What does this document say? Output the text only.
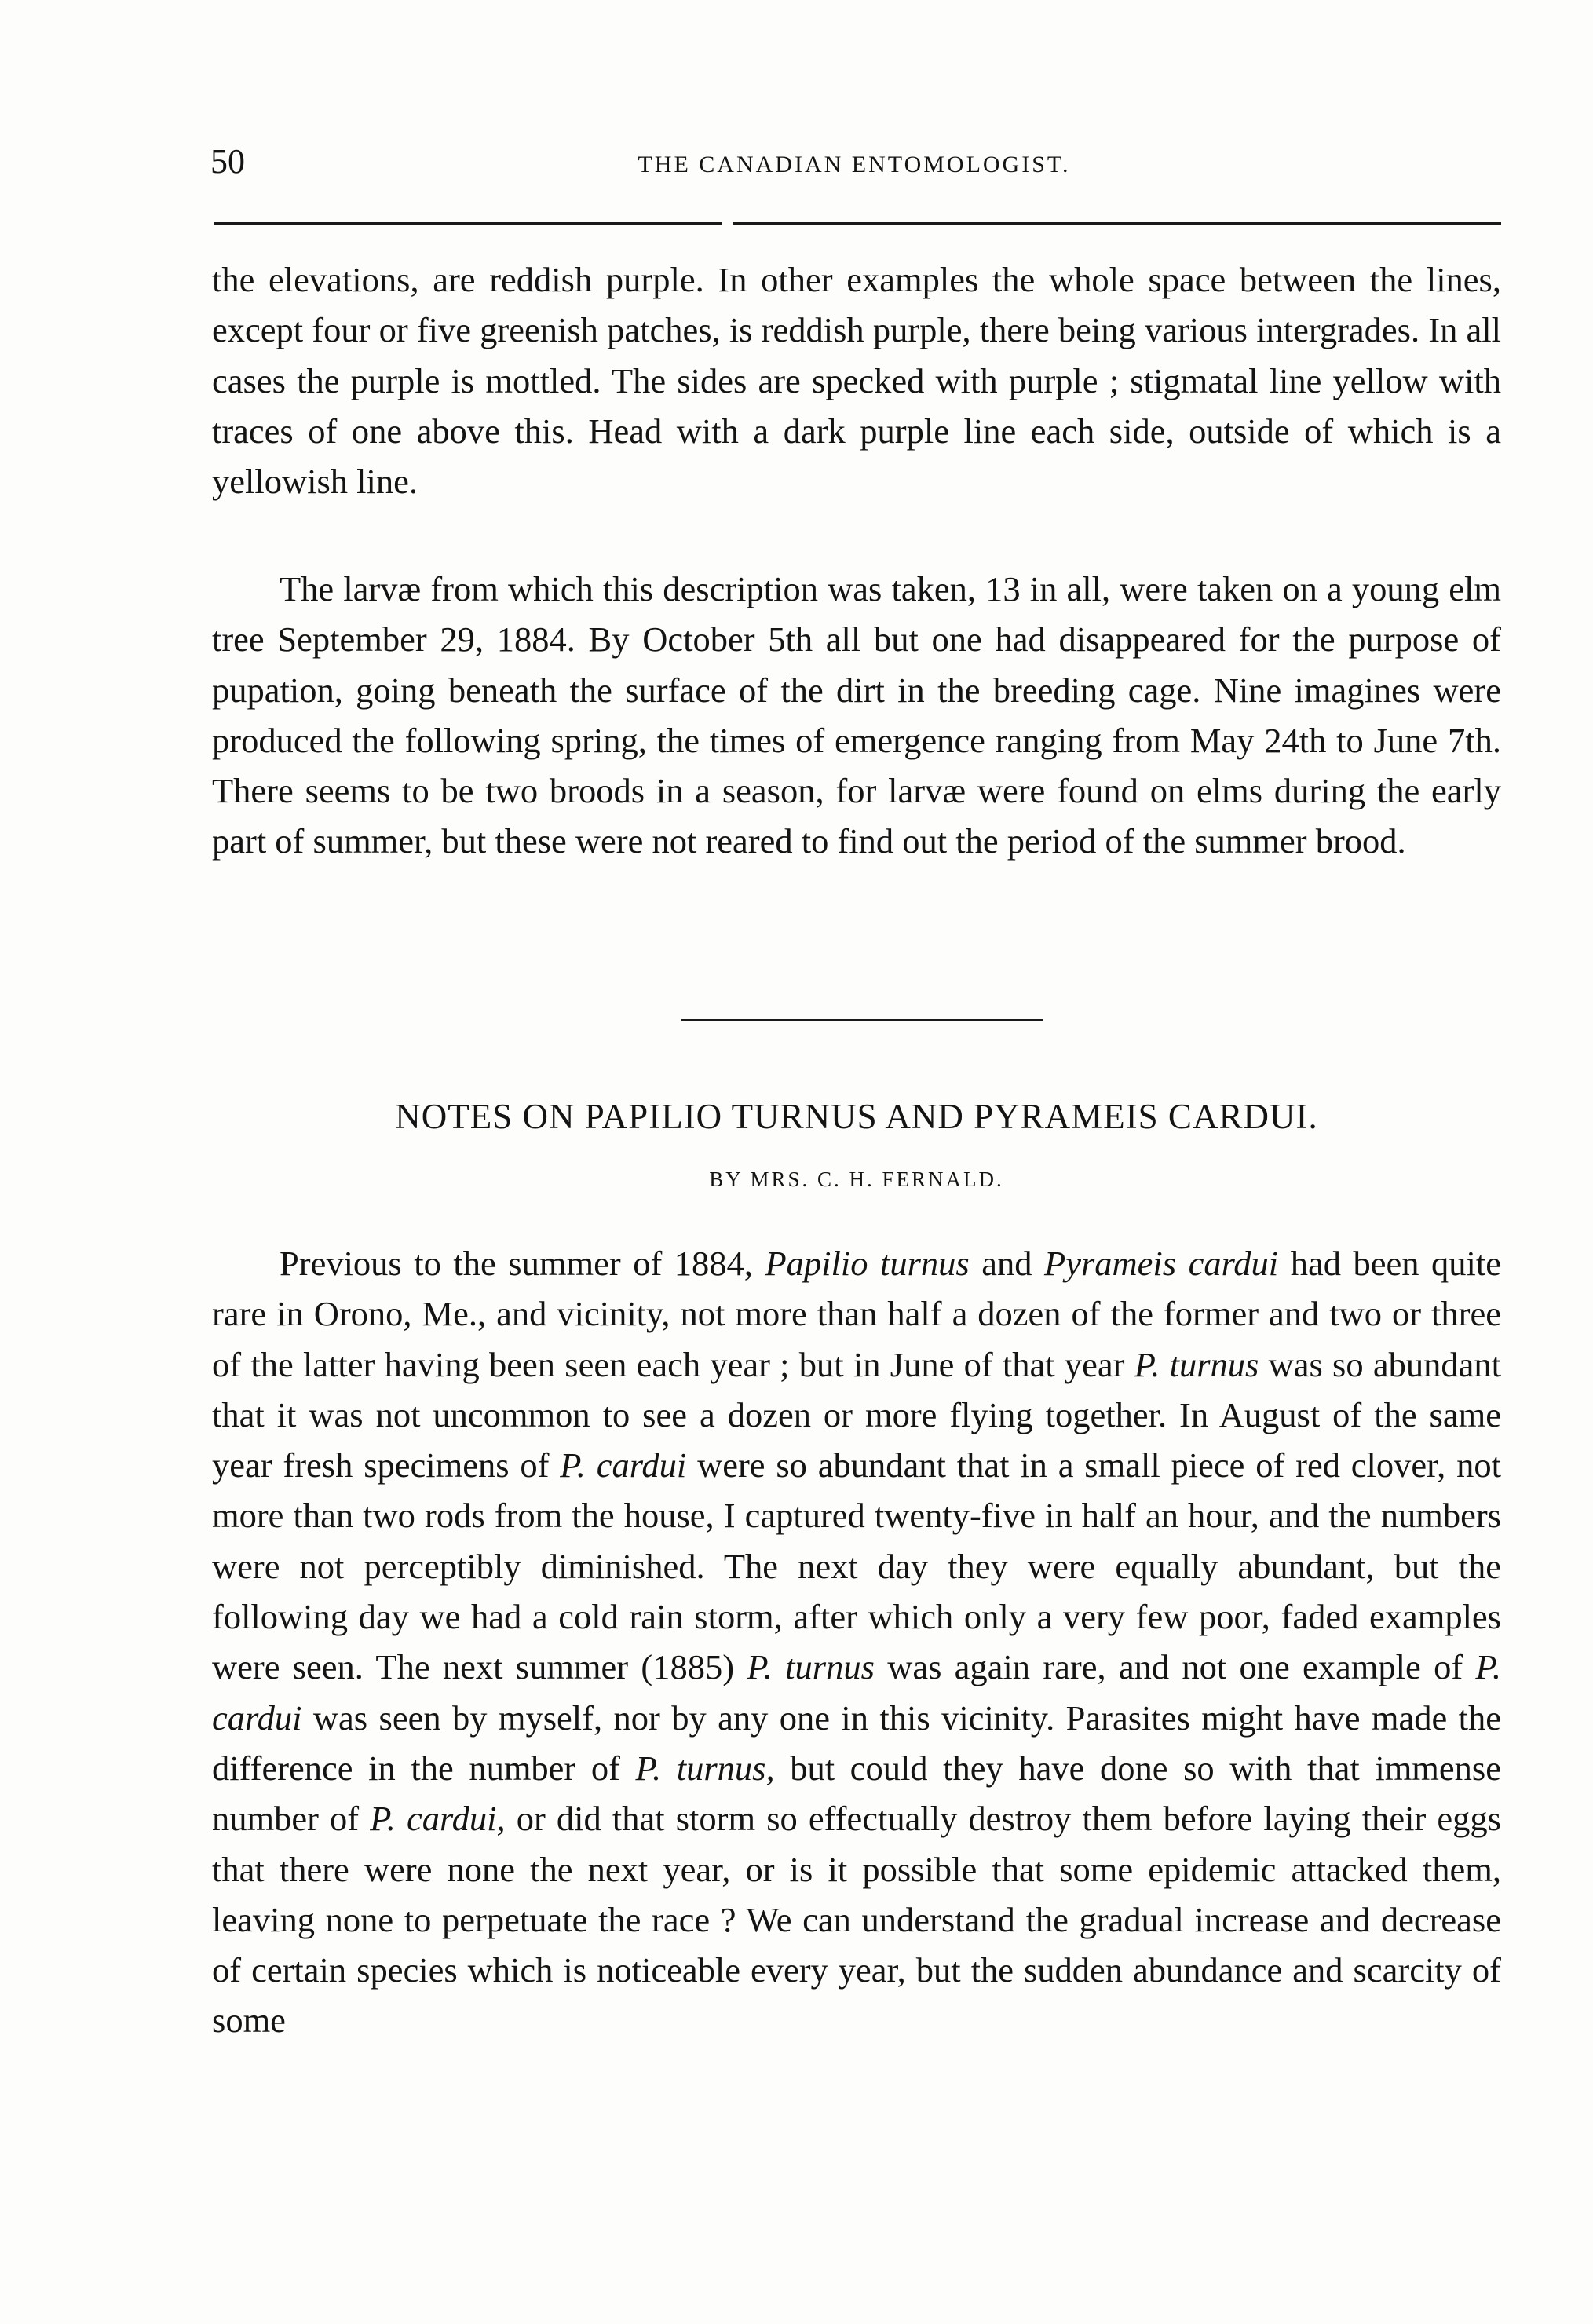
50	THE CANADIAN ENTOMOLOGIST.

the elevations, are reddish purple. In other examples the whole space between the lines, except four or five greenish patches, is reddish purple, there being various intergrades. In all cases the purple is mottled. The sides are specked with purple ; stigmatal line yellow with traces of one above this. Head with a dark purple line each side, outside of which is a yellowish line.

The larvæ from which this description was taken, 13 in all, were taken on a young elm tree September 29, 1884. By October 5th all but one had disappeared for the purpose of pupation, going beneath the surface of the dirt in the breeding cage. Nine imagines were produced the following spring, the times of emergence ranging from May 24th to June 7th. There seems to be two broods in a season, for larvæ were found on elms during the early part of summer, but these were not reared to find out the period of the summer brood.

NOTES ON PAPILIO TURNUS AND PYRAMEIS CARDUI.
BY MRS. C. H. FERNALD.

Previous to the summer of 1884, Papilio turnus and Pyrameis cardui had been quite rare in Orono, Me., and vicinity, not more than half a dozen of the former and two or three of the latter having been seen each year ; but in June of that year P. turnus was so abundant that it was not uncommon to see a dozen or more flying together. In August of the same year fresh specimens of P. cardui were so abundant that in a small piece of red clover, not more than two rods from the house, I captured twenty-five in half an hour, and the numbers were not perceptibly diminished. The next day they were equally abundant, but the following day we had a cold rain storm, after which only a very few poor, faded examples were seen. The next summer (1885) P. turnus was again rare, and not one example of P. cardui was seen by myself, nor by any one in this vicinity. Parasites might have made the difference in the number of P. turnus, but could they have done so with that immense number of P. cardui, or did that storm so effectually destroy them before laying their eggs that there were none the next year, or is it possible that some epidemic attacked them, leaving none to perpetuate the race ? We can understand the gradual increase and decrease of certain species which is noticeable every year, but the sudden abundance and scarcity of some
